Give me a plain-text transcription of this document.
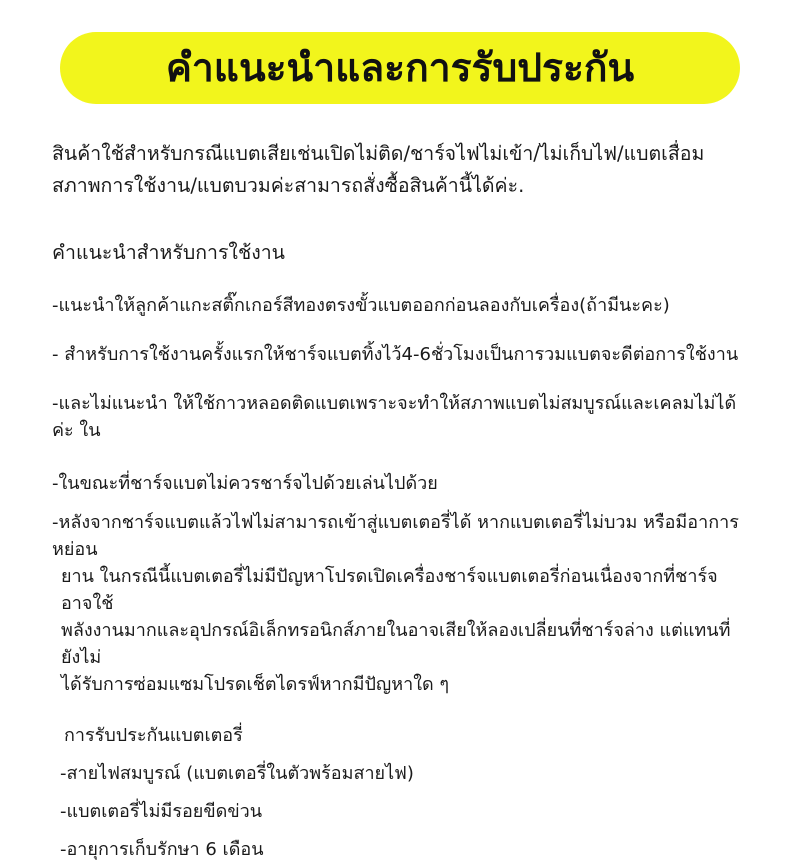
คำแนะนำและการรับประกัน
สินค้าใช้สำหรับกรณีแบตเสียเช่นเปิดไม่ติด/ชาร์จไฟไม่เข้า/ไม่เก็บไฟ/แบตเสื่อมสภาพการใช้งาน/แบตบวมค่ะสามารถสั่งซื้อสินค้านี้ได้ค่ะ.
คำแนะนำสำหรับการใช้งาน
-แนะนำให้ลูกค้าแกะสติ๊กเกอร์สีทองตรงขั้วแบตออกก่อนลองกับเครื่อง(ถ้ามีนะคะ)
- สำหรับการใช้งานครั้งแรกให้ชาร์จแบตทิ้งไว้4-6ชั่วโมงเป็นการวมแบตจะดีต่อการใช้งาน
-และไม่แนะนำ ให้ใช้กาวหลอดติดแบตเพราะจะทำให้สภาพแบตไม่สมบูรณ์และเคลมไม่ได้ค่ะ ใน
-ในขณะที่ชาร์จแบตไม่ควรชาร์จไปด้วยเล่นไปด้วย
-หลังจากชาร์จแบตแล้วไฟไม่สามารถเข้าสู่แบตเตอรี่ได้ หากแบตเตอรี่ไม่บวม หรือมีอาการหย่อน
ยาน ในกรณีนี้แบตเตอรี่ไม่มีปัญหาโปรดเปิดเครื่องชาร์จแบตเตอรี่ก่อนเนื่องจากที่ชาร์จอาจใช้
พลังงานมากและอุปกรณ์อิเล็กทรอนิกส์ภายในอาจเสียให้ลองเปลี่ยนที่ชาร์จล่าง แต่แทนที่ยังไม่
ได้รับการซ่อมแซมโปรดเช็ตไดรฟ์หากมีปัญหาใด ๆ
การรับประกันแบตเตอรี่
-สายไฟสมบูรณ์ (แบตเตอรี่ในตัวพร้อมสายไฟ)
-แบตเตอรี่ไม่มีรอยขีดข่วน
-อายุการเก็บรักษา 6 เดือน
